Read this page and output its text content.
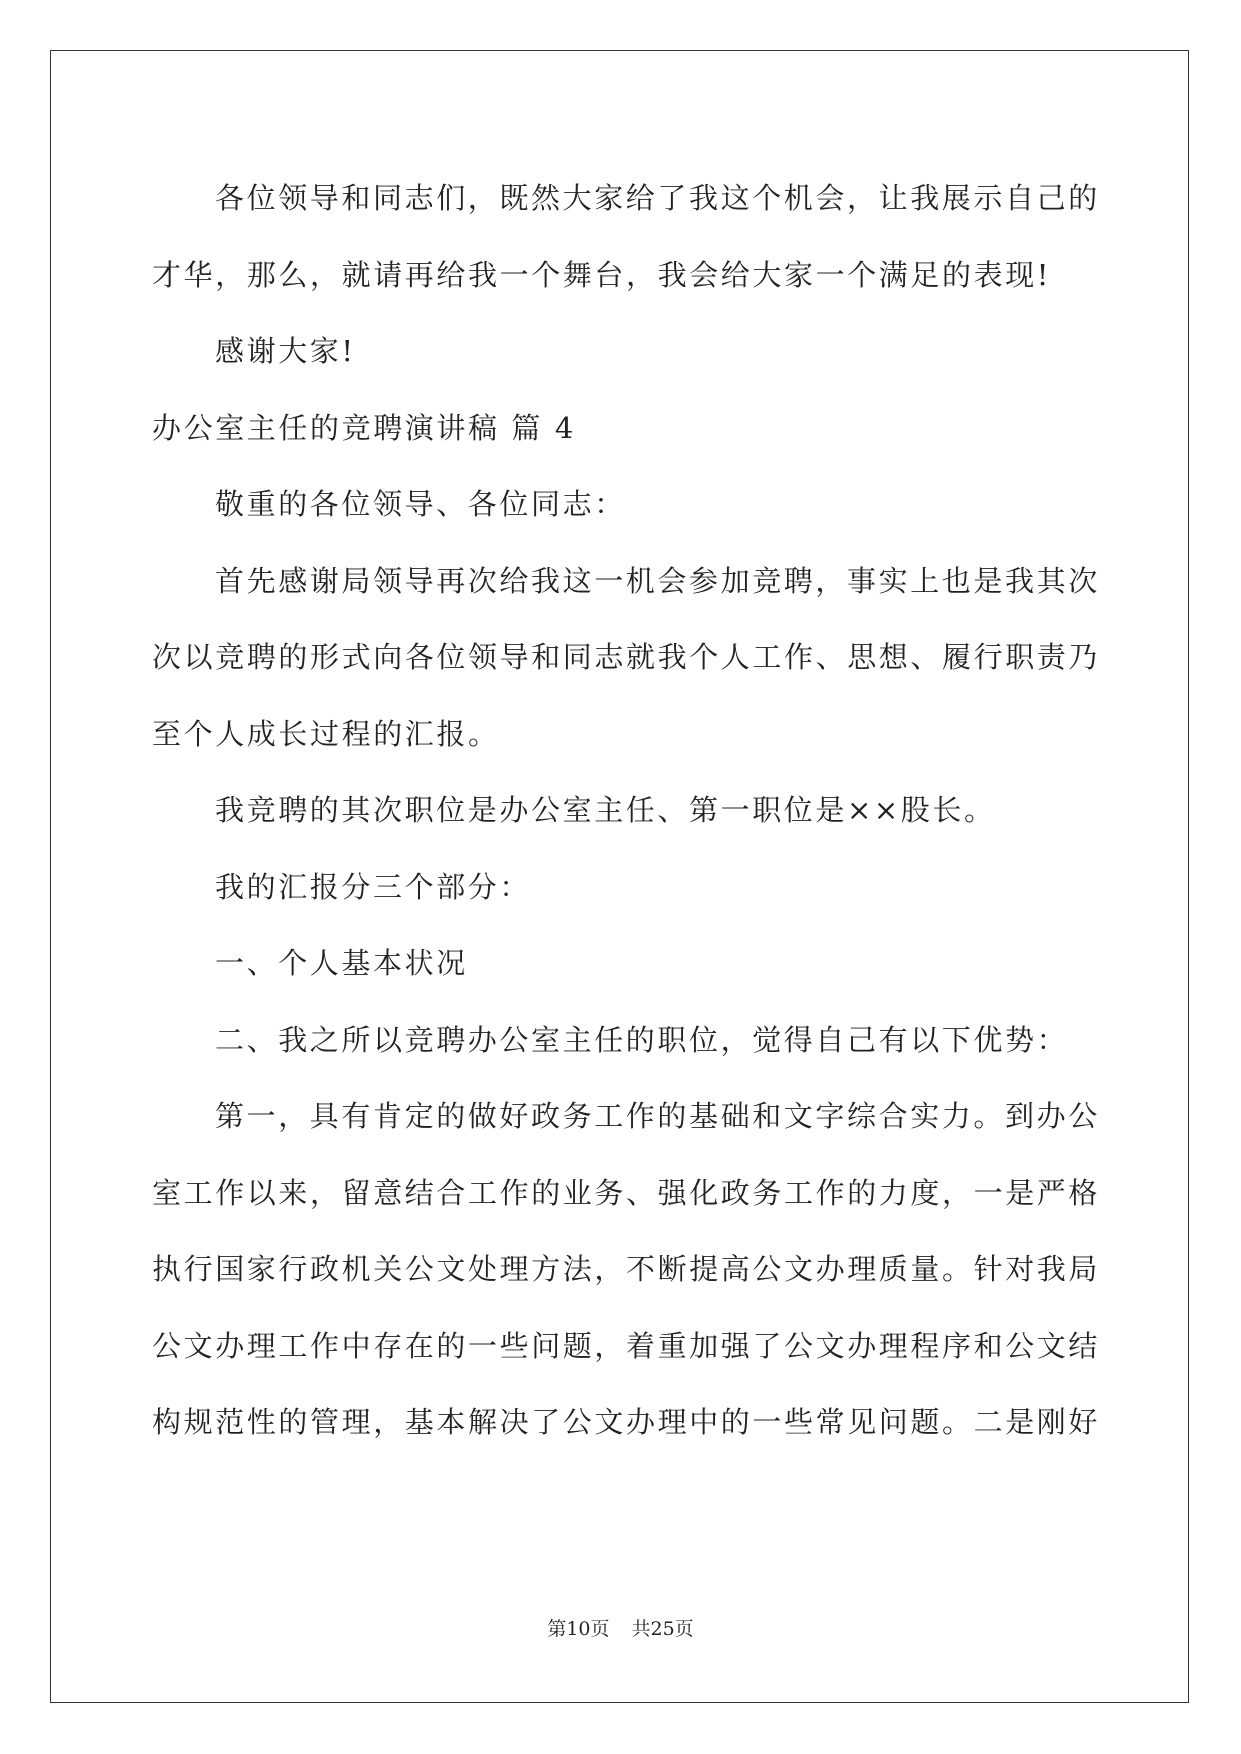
各位领导和同志们，既然大家给了我这个机会，让我展示自己的

才华，那么，就请再给我一个舞台，我会给大家一个满足的表现!

感谢大家!

办公室主任的竞聘演讲稿 篇 4

敬重的各位领导、各位同志：

首先感谢局领导再次给我这一机会参加竞聘，事实上也是我其次

次以竞聘的形式向各位领导和同志就我个人工作、思想、履行职责乃

至个人成长过程的汇报。

我竞聘的其次职位是办公室主任、第一职位是××股长。

我的汇报分三个部分：

一、个人基本状况

二、我之所以竞聘办公室主任的职位，觉得自己有以下优势：

第一，具有肯定的做好政务工作的基础和文字综合实力。到办公

室工作以来，留意结合工作的业务、强化政务工作的力度，一是严格

执行国家行政机关公文处理方法，不断提高公文办理质量。针对我局

公文办理工作中存在的一些问题，着重加强了公文办理程序和公文结

构规范性的管理，基本解决了公文办理中的一些常见问题。二是刚好

第10页 共25页
